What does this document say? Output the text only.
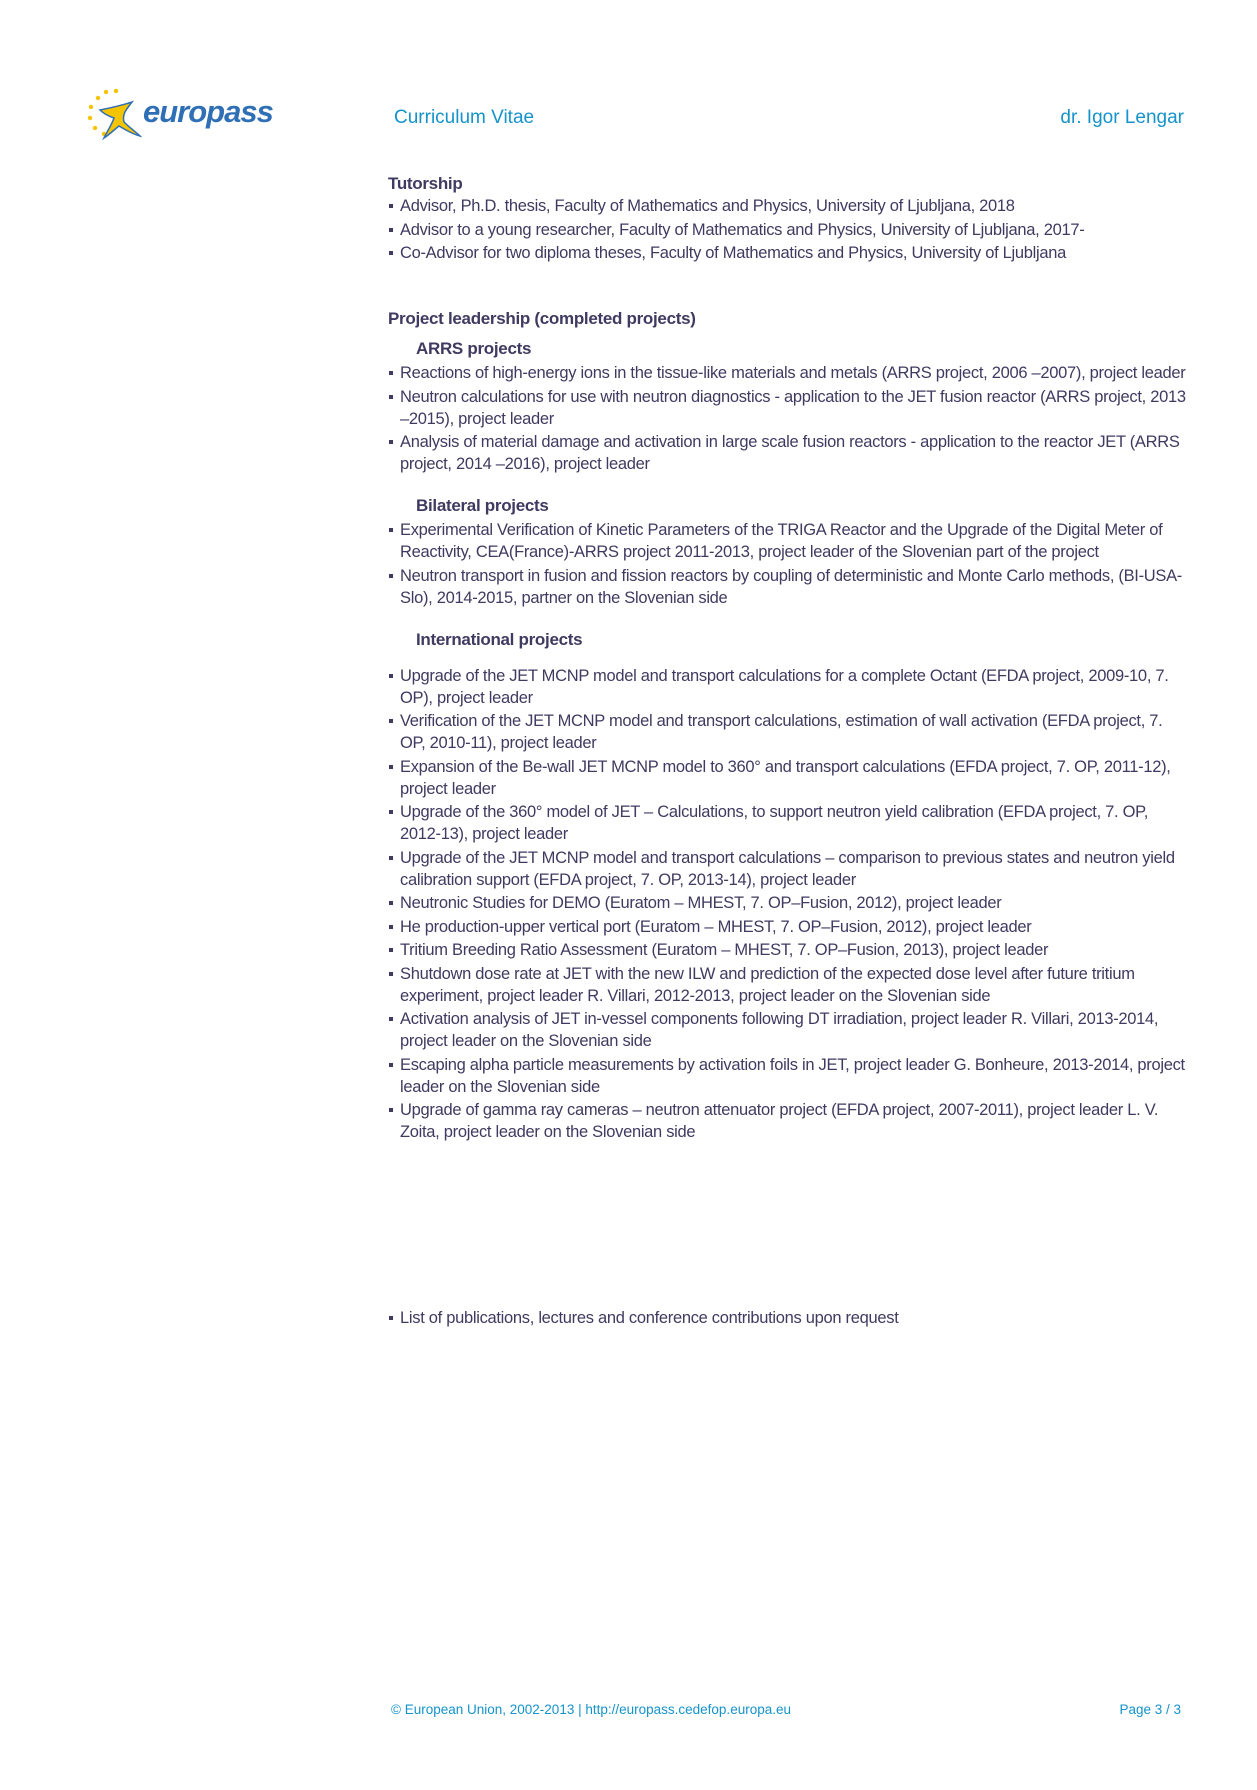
europass	Curriculum Vitae	dr. Igor Lengar

Tutorship

Advisor, Ph.D. thesis, Faculty of Mathematics and Physics, University of Ljubljana, 2018
Advisor to a young researcher, Faculty of Mathematics and Physics, University of Ljubljana, 2017-
Co-Advisor for two diploma theses, Faculty of Mathematics and Physics, University of Ljubljana

Project leadership (completed projects)

ARRS projects

Reactions of high-energy ions in the tissue-like materials and metals (ARRS project, 2006 –2007), project leader
Neutron calculations for use with neutron diagnostics - application to the JET fusion reactor (ARRS project, 2013 –2015), project leader
Analysis of material damage and activation in large scale fusion reactors - application to the reactor JET (ARRS project, 2014 –2016), project leader

Bilateral projects

Experimental Verification of Kinetic Parameters of the TRIGA Reactor and the Upgrade of the Digital Meter of Reactivity, CEA(France)-ARRS project 2011-2013, project leader of the Slovenian part of the project
Neutron transport in fusion and fission reactors by coupling of deterministic and Monte Carlo methods, (BI-USA-Slo), 2014-2015, partner on the Slovenian side

International projects

Upgrade of the JET MCNP model and transport calculations for a complete Octant (EFDA project, 2009-10, 7. OP), project leader
Verification of the JET MCNP model and transport calculations, estimation of wall activation (EFDA project, 7. OP, 2010-11), project leader
Expansion of the Be-wall JET MCNP model to 360° and transport calculations (EFDA project, 7. OP, 2011-12), project leader
Upgrade of the 360° model of JET – Calculations, to support neutron yield calibration (EFDA project, 7. OP, 2012-13), project leader
Upgrade of the JET MCNP model and transport calculations – comparison to previous states and neutron yield calibration support (EFDA project, 7. OP, 2013-14), project leader
Neutronic Studies for DEMO (Euratom – MHEST, 7. OP–Fusion, 2012), project leader
He production-upper vertical port (Euratom – MHEST, 7. OP–Fusion, 2012), project leader
Tritium Breeding Ratio Assessment (Euratom – MHEST, 7. OP–Fusion, 2013), project leader
Shutdown dose rate at JET with the new ILW and prediction of the expected dose level after future tritium experiment, project leader R. Villari, 2012-2013, project leader on the Slovenian side
Activation analysis of JET in-vessel components following DT irradiation, project leader R. Villari, 2013-2014, project leader on the Slovenian side
Escaping alpha particle measurements by activation foils in JET, project leader G. Bonheure, 2013-2014, project leader on the Slovenian side
Upgrade of gamma ray cameras – neutron attenuator project (EFDA project, 2007-2011), project leader L. V. Zoita, project leader on the Slovenian side
List of publications, lectures and conference contributions upon request
© European Union, 2002-2013 | http://europass.cedefop.europa.eu	Page 3 / 3
